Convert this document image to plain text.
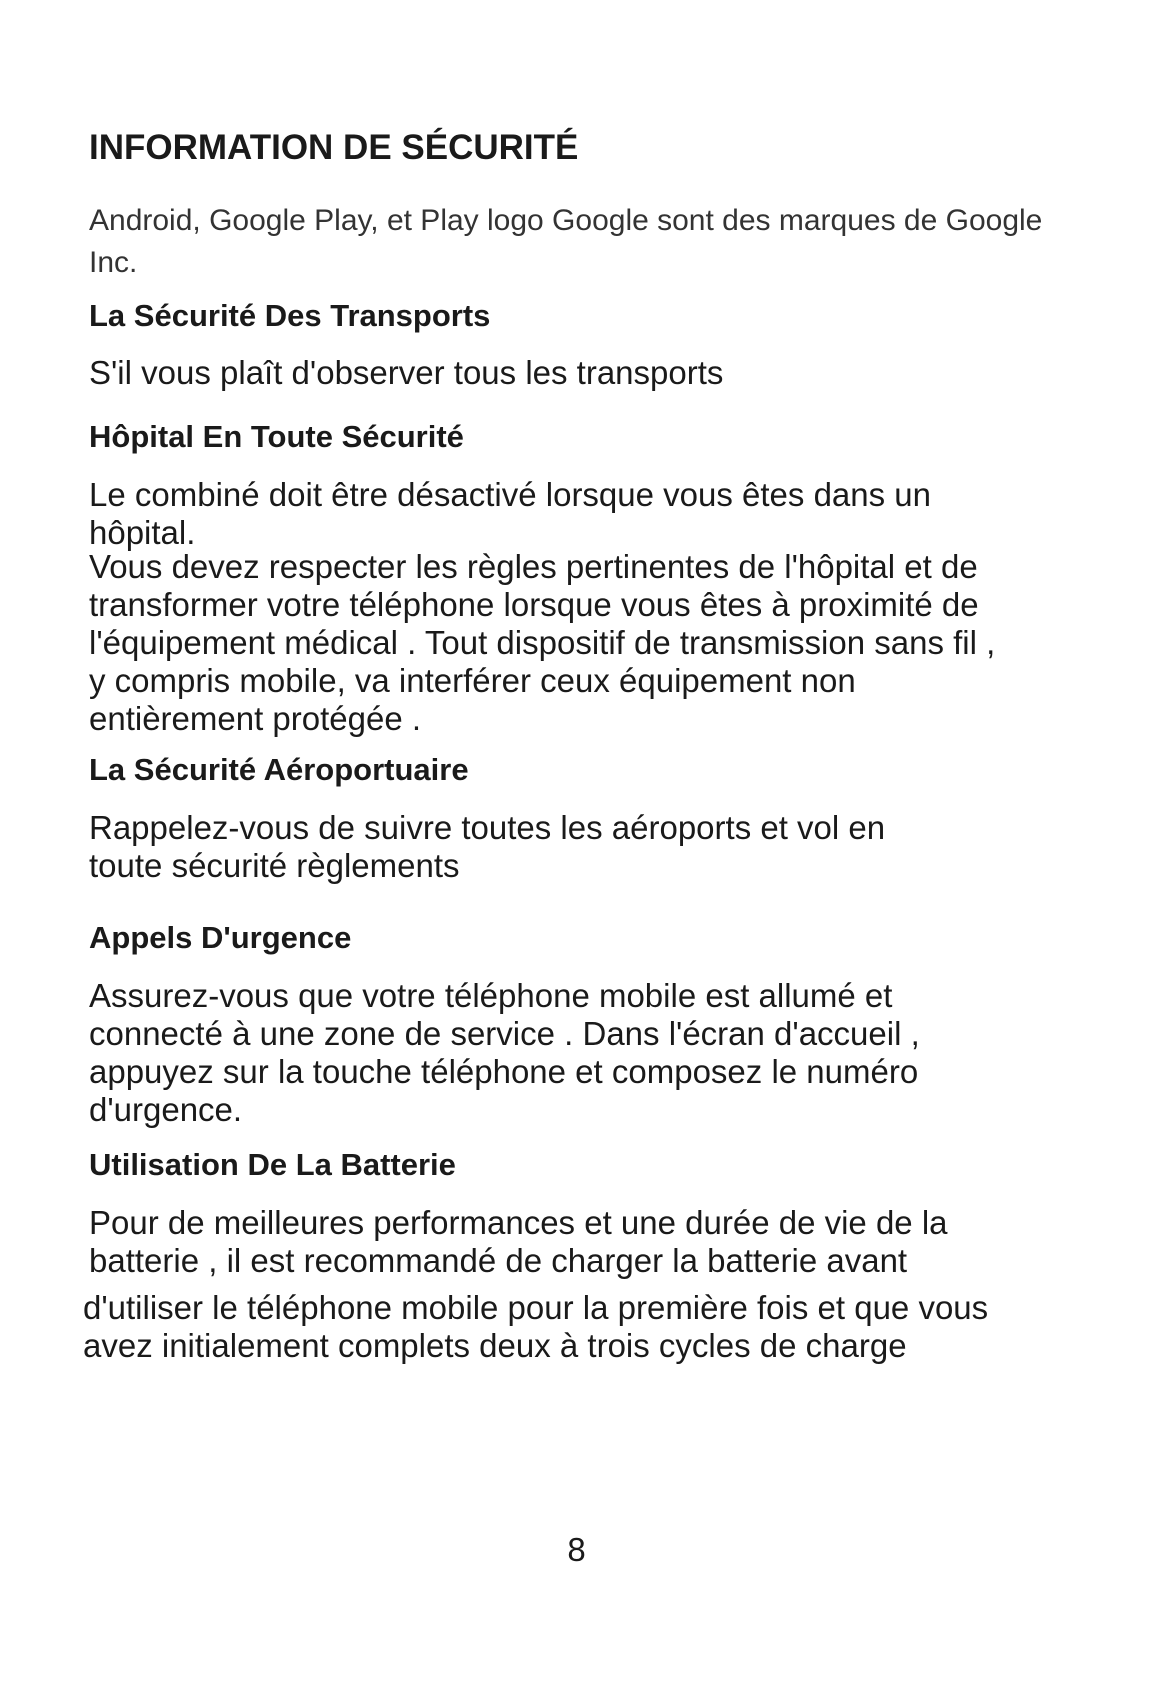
INFORMATION DE SÉCURITÉ

Android, Google Play, et Play logo Google sont des marques de Google Inc.

La Sécurité Des Transports

S'il vous plaît d'observer tous les transports

Hôpital En Toute Sécurité

Le combiné doit être désactivé lorsque vous êtes dans un hôpital.

Vous devez respecter les règles pertinentes de l'hôpital et de transformer votre téléphone lorsque vous êtes à proximité de l'équipement médical . Tout dispositif de transmission sans fil , y compris mobile, va interférer ceux équipement non entièrement protégée .

La Sécurité Aéroportuaire

Rappelez-vous de suivre toutes les aéroports et vol en toute sécurité règlements

Appels D'urgence

Assurez-vous que votre téléphone mobile est allumé et connecté à une zone de service . Dans l'écran d'accueil , appuyez sur la touche téléphone et composez le numéro d'urgence.

Utilisation De La Batterie

Pour de meilleures performances et une durée de vie de la batterie , il est recommandé de charger la batterie avant

d'utiliser le téléphone mobile pour la première fois et que vous avez initialement complets deux à trois cycles de charge

8
